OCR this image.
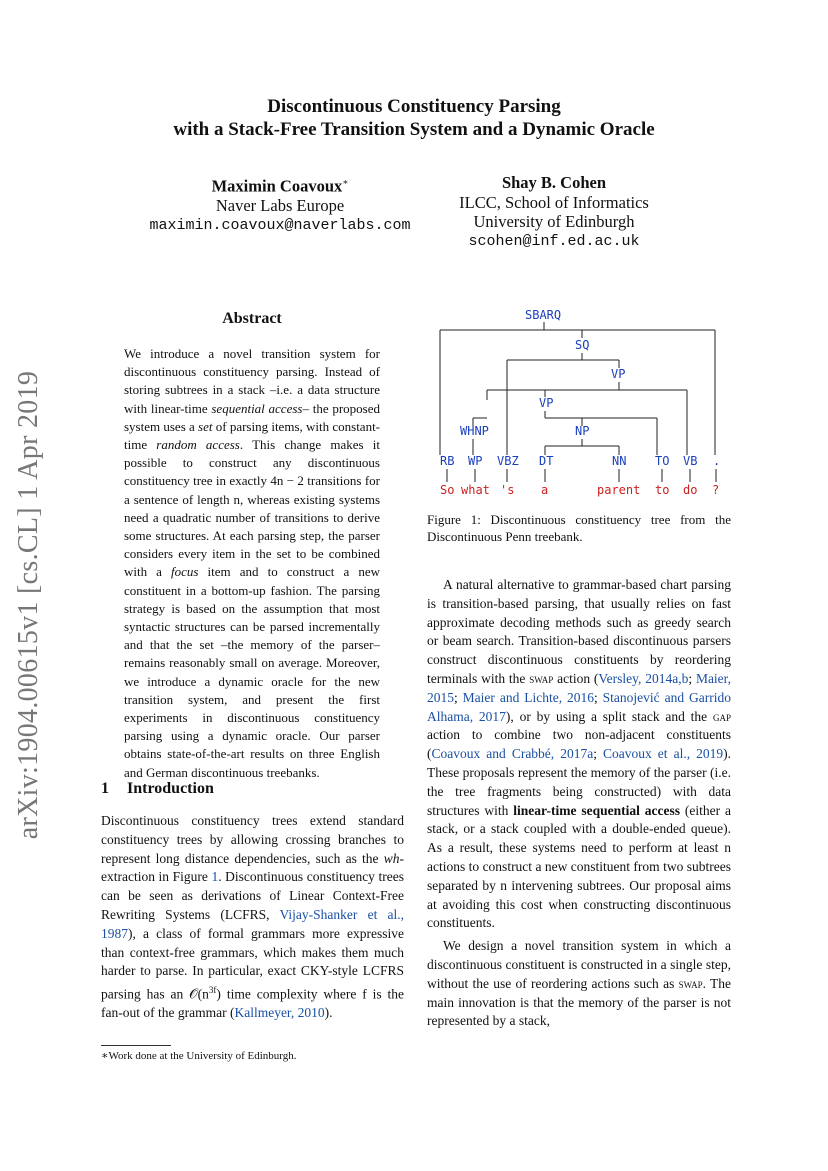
arXiv:1904.00615v1 [cs.CL] 1 Apr 2019
Discontinuous Constituency Parsing
with a Stack-Free Transition System and a Dynamic Oracle
Maximin Coavoux∗
Naver Labs Europe
maximin.coavoux@naverlabs.com
Shay B. Cohen
ILCC, School of Informatics
University of Edinburgh
scohen@inf.ed.ac.uk
Abstract

We introduce a novel transition system for discontinuous constituency parsing. Instead of storing subtrees in a stack –i.e. a data structure with linear-time sequential access– the proposed system uses a set of parsing items, with constant-time random access. This change makes it possible to construct any discontinuous constituency tree in exactly 4n − 2 transitions for a sentence of length n, whereas existing systems need a quadratic number of transitions to derive some structures. At each parsing step, the parser considers every item in the set to be combined with a focus item and to construct a new constituent in a bottom-up fashion. The parsing strategy is based on the assumption that most syntactic structures can be parsed incrementally and that the set –the memory of the parser– remains reasonably small on average. Moreover, we introduce a dynamic oracle for the new transition system, and present the first experiments in discontinuous constituency parsing using a dynamic oracle. Our parser obtains state-of-the-art results on three English and German discontinuous treebanks.

1 Introduction

Discontinuous constituency trees extend standard constituency trees by allowing crossing branches to represent long distance dependencies, such as the wh-extraction in Figure 1. Discontinuous constituency trees can be seen as derivations of Linear Context-Free Rewriting Systems (LCFRS, Vijay-Shanker et al., 1987), a class of formal grammars more expressive than context-free grammars, which makes them much harder to parse. In particular, exact CKY-style LCFRS parsing has an $𝒪(n^{3f})$ time complexity where f is the fan-out of the grammar (Kallmeyer, 2010).

∗Work done at the University of Edinburgh.
SBARQ
SQ
VP
VP
WHNP	NP
RB WP VBZ DT	NN TO VB .
So what 's a	parent to do ?
Figure 1: Discontinuous constituency tree from the Discontinuous Penn treebank.

A natural alternative to grammar-based chart parsing is transition-based parsing, that usually relies on fast approximate decoding methods such as greedy search or beam search. Transition-based discontinuous parsers construct discontinuous constituents by reordering terminals with the swap action (Versley, 2014a,b; Maier, 2015; Maier and Lichte, 2016; Stanojević and Garrido Alhama, 2017), or by using a split stack and the gap action to combine two non-adjacent constituents (Coavoux and Crabbé, 2017a; Coavoux et al., 2019). These proposals represent the memory of the parser (i.e. the tree fragments being constructed) with data structures with linear-time sequential access (either a stack, or a stack coupled with a double-ended queue). As a result, these systems need to perform at least n actions to construct a new constituent from two subtrees separated by n intervening subtrees. Our proposal aims at avoiding this cost when constructing discontinuous constituents.

We design a novel transition system in which a discontinuous constituent is constructed in a single step, without the use of reordering actions such as swap. The main innovation is that the memory of the parser is not represented by a stack,
